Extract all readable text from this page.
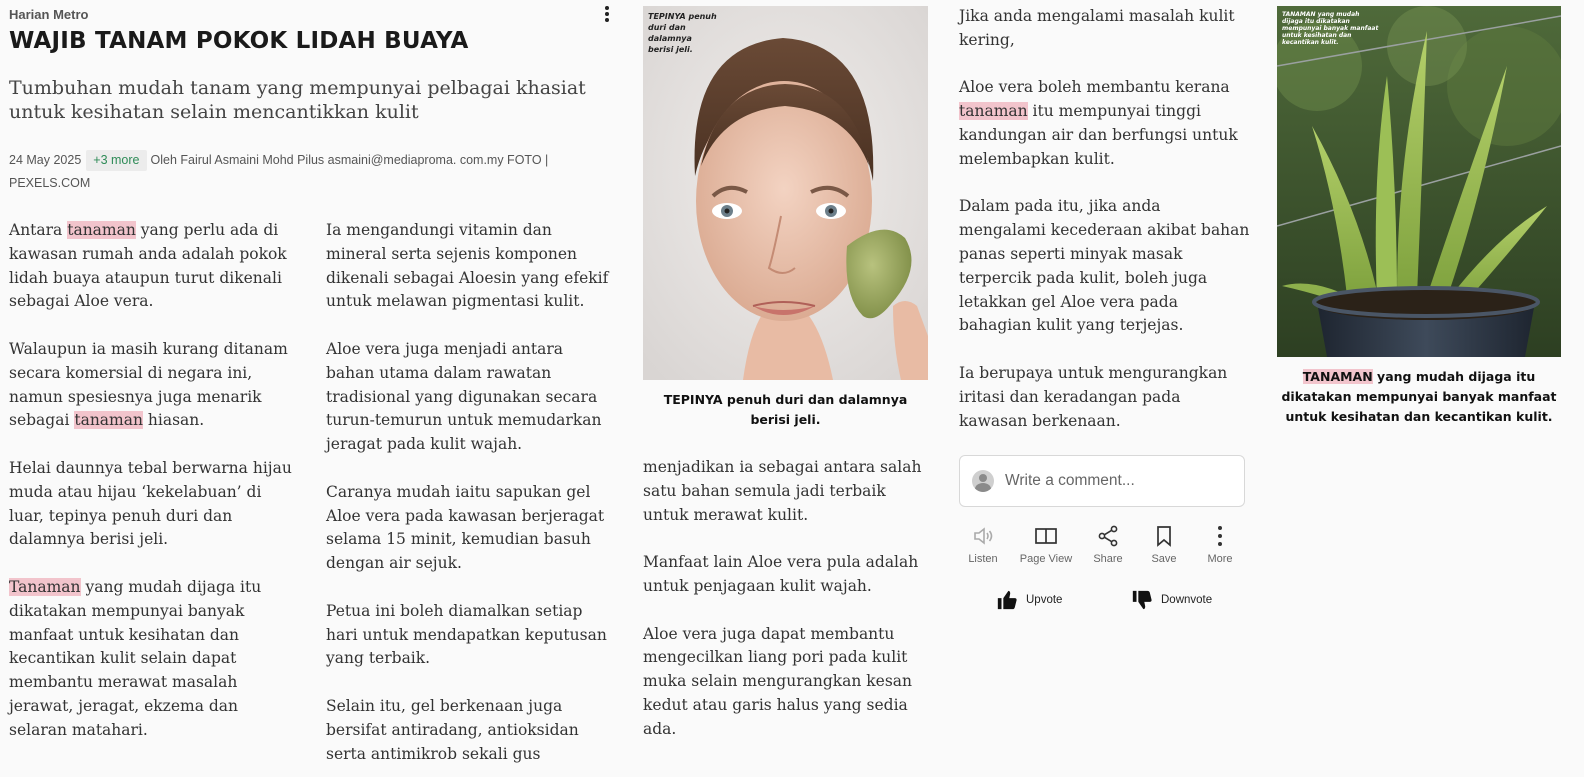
Harian Metro
WAJIB TANAM POKOK LIDAH BUAYA
Tumbuhan mudah tanam yang mempunyai pelbagai khasiat untuk kesihatan selain mencantikkan kulit
24 May 2025 +3 more Oleh Fairul Asmaini Mohd Pilus asmaini@mediaproma. com.my FOTO | PEXELS.COM

Antara tanaman yang perlu ada di kawasan rumah anda adalah pokok lidah buaya ataupun turut dikenali sebagai Aloe vera.

Walaupun ia masih kurang ditanam secara komersial di negara ini, namun spesiesnya juga menarik sebagai tanaman hiasan.

Helai daunnya tebal berwarna hijau muda atau hijau ‘kekelabuan’ di luar, tepinya penuh duri dan dalamnya berisi jeli.

Tanaman yang mudah dijaga itu dikatakan mempunyai banyak manfaat untuk kesihatan dan kecantikan kulit selain dapat membantu merawat masalah jerawat, jeragat, ekzema dan selaran matahari.

Ia mengandungi vitamin dan mineral serta sejenis komponen dikenali sebagai Aloesin yang efekif untuk melawan pigmentasi kulit.

Aloe vera juga menjadi antara bahan utama dalam rawatan tradisional yang digunakan secara turun-temurun untuk memudarkan jeragat pada kulit wajah.

Caranya mudah iaitu sapukan gel Aloe vera pada kawasan berjeragat selama 15 minit, kemudian basuh dengan air sejuk.

Petua ini boleh diamalkan setiap hari untuk mendapatkan keputusan yang terbaik.

Selain itu, gel berkenaan juga bersifat antiradang, antioksidan serta antimikrob sekali gus

TEPINYA penuh duri dan dalamnya berisi jeli.
TEPINYA penuh duri dan dalamnya berisi jeli.

menjadikan ia sebagai antara salah satu bahan semula jadi terbaik untuk merawat kulit.

Manfaat lain Aloe vera pula adalah untuk penjagaan kulit wajah.

Aloe vera juga dapat membantu mengecilkan liang pori pada kulit muka selain mengurangkan kesan kedut atau garis halus yang sedia ada.

Jika anda mengalami masalah kulit kering,

Aloe vera boleh membantu kerana tanaman itu mempunyai tinggi kandungan air dan berfungsi untuk melembapkan kulit.

Dalam pada itu, jika anda mengalami kecederaan akibat bahan panas seperti minyak masak terpercik pada kulit, boleh juga letakkan gel Aloe vera pada bahagian kulit yang terjejas.

Ia berupaya untuk mengurangkan iritasi dan keradangan pada kawasan berkenaan.

Write a comment...
Listen	Page View	Share	Save	More
Upvote	Downvote
TANAMAN yang mudah dijaga itu dikatakan mempunyai banyak manfaat untuk kesihatan dan kecantikan kulit.
TANAMAN yang mudah dijaga itu dikatakan mempunyai banyak manfaat untuk kesihatan dan kecantikan kulit.
